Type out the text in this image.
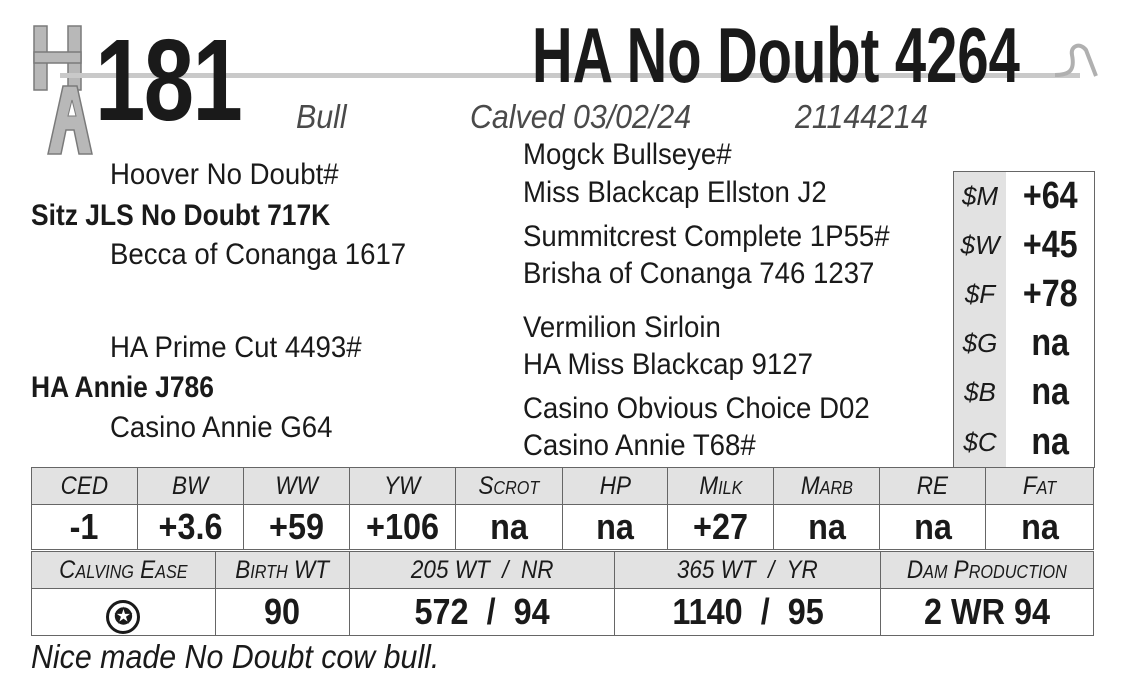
181	HA No Doubt 4264
Bull	Calved 03/02/24	21144214
Hoover No Doubt#
Sitz JLS No Doubt 717K
Becca of Conanga 1617
HA Prime Cut 4493#
HA Annie J786
Casino Annie G64
Mogck Bullseye#
Miss Blackcap Ellston J2
Summitcrest Complete 1P55#
Brisha of Conanga 746 1237
Vermilion Sirloin
HA Miss Blackcap 9127
Casino Obvious Choice D02
Casino Annie T68#
$M +64
$W +45
$F +78
$G na
$B na
$C na
CED	BW	WW	YW	Scrot	HP	Milk	Marb	RE	Fat
-1	+3.6	+59	+106	na	na	+27	na	na	na
Calving Ease	Birth WT	205 WT  /  NR	365 WT  /  YR	Dam Production
✪	90	572  /  94	1140  /  95	2 WR 94
Nice made No Doubt cow bull.
